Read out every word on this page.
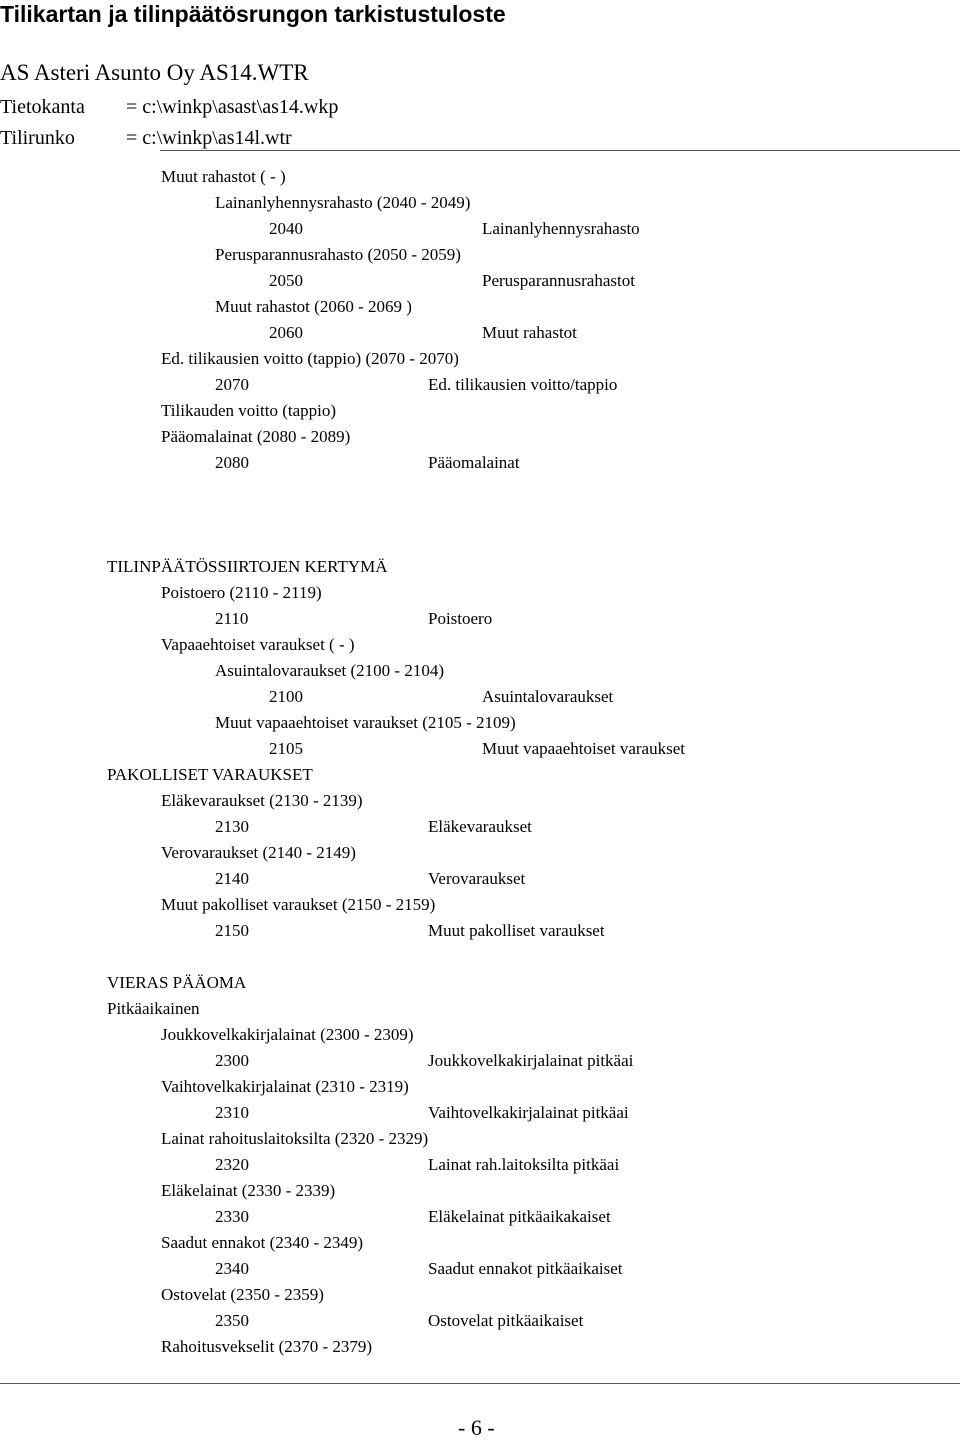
Tilikartan ja tilinpäätösrungon tarkistustuloste
AS Asteri Asunto Oy AS14.WTR
Tietokanta = c:\winkp\asast\as14.wkp
Tilirunko	= c:\winkp\as14l.wtr
Muut rahastot ( - )
Lainanlyhennysrahasto (2040 - 2049)
2040	Lainanlyhennysrahasto
Perusparannusrahasto (2050 - 2059)
2050	Perusparannusrahastot
Muut rahastot (2060 - 2069 )
2060	Muut rahastot
Ed. tilikausien voitto (tappio) (2070 - 2070)
2070	Ed. tilikausien voitto/tappio
Tilikauden voitto (tappio)
Pääomalainat (2080 - 2089)
2080	Pääomalainat
TILINPÄÄTÖSSIIRTOJEN KERTYMÄ
Poistoero (2110 - 2119)
2110	Poistoero
Vapaaehtoiset varaukset ( - )
Asuintalovaraukset (2100 - 2104)
2100	Asuintalovaraukset
Muut vapaaehtoiset varaukset (2105 - 2109)
2105	Muut vapaaehtoiset varaukset
PAKOLLISET VARAUKSET
Eläkevaraukset (2130 - 2139)
2130	Eläkevaraukset
Verovaraukset (2140 - 2149)
2140	Verovaraukset
Muut pakolliset varaukset (2150 - 2159)
2150	Muut pakolliset varaukset
VIERAS PÄÄOMA
Pitkäaikainen
Joukkovelkakirjalainat (2300 - 2309)
2300	Joukkovelkakirjalainat pitkäai
Vaihtovelkakirjalainat (2310 - 2319)
2310	Vaihtovelkakirjalainat pitkäai
Lainat rahoituslaitoksilta (2320 - 2329)
2320	Lainat rah.laitoksilta pitkäai
Eläkelainat (2330 - 2339)
2330	Eläkelainat pitkäaikakaiset
Saadut ennakot (2340 - 2349)
2340	Saadut ennakot pitkäaikaiset
Ostovelat (2350 - 2359)
2350	Ostovelat pitkäaikaiset
Rahoitusvekselit (2370 - 2379)
- 6 -
